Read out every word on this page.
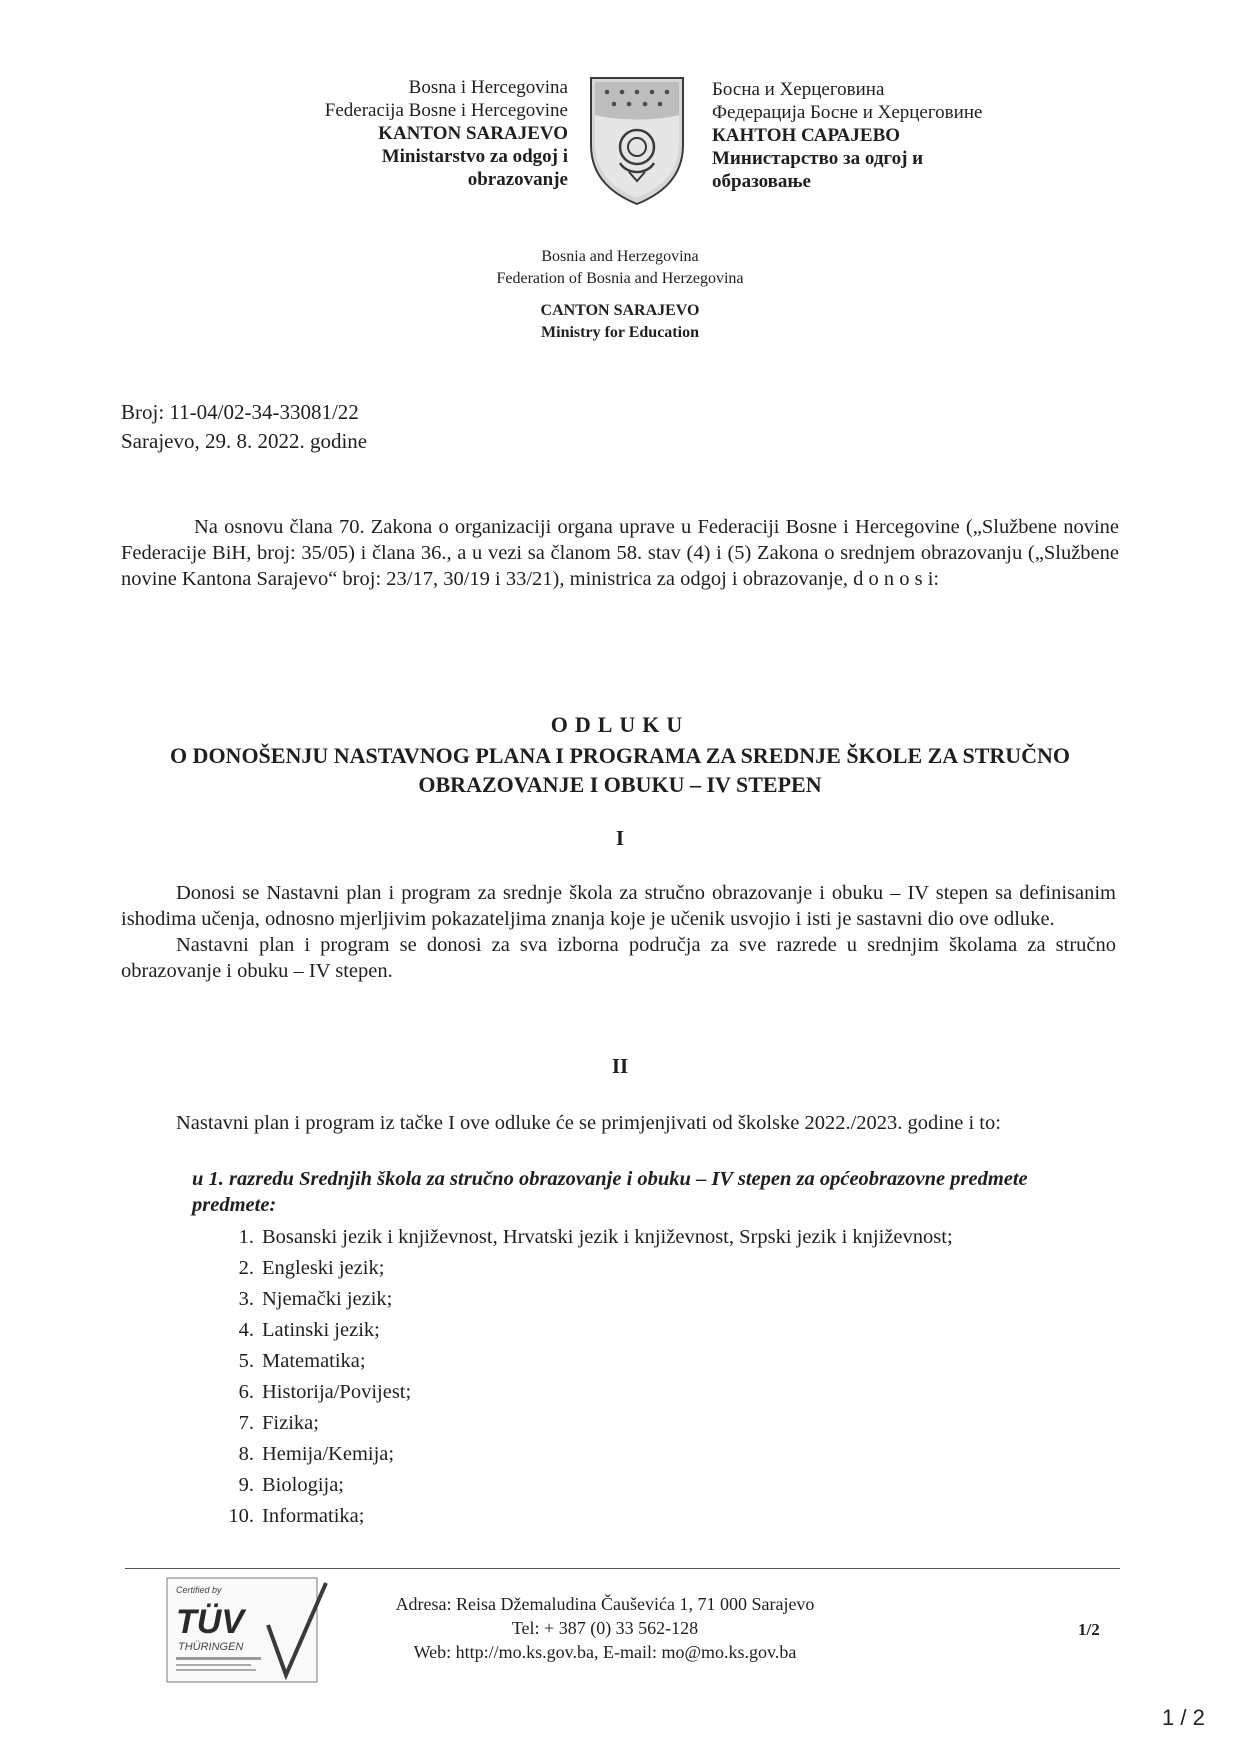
Bosna i Hercegovina
Federacija Bosne i Hercegovine
KANTON SARAJEVO
Ministarstvo za odgoj i
obrazovanje
Босна и Херцеговина
Федерација Босне и Херцеговине
КАНТОН САРАЈЕВО
Министарство за одгој и
образовање
Bosnia and Herzegovina
Federation of Bosnia and Herzegovina
CANTON SARAJEVO
Ministry for Education
Broj: 11-04/02-34-33081/22
Sarajevo, 29. 8. 2022. godine
Na osnovu člana 70. Zakona o organizaciji organa uprave u Federaciji Bosne i Hercegovine („Službene novine Federacije BiH, broj: 35/05) i člana 36., a u vezi sa članom 58. stav (4) i (5) Zakona o srednjem obrazovanju („Službene novine Kantona Sarajevo“ broj: 23/17, 30/19 i 33/21), ministrica za odgoj i obrazovanje, d o n o s i:
ODLUKU
O DONOŠENJU NASTAVNOG PLANA I PROGRAMA ZA SREDNJE ŠKOLE ZA STRUČNO OBRAZOVANJE I OBUKU – IV STEPEN
I
Donosi se Nastavni plan i program za srednje škola za stručno obrazovanje i obuku – IV stepen sa definisanim ishodima učenja, odnosno mjerljivim pokazateljima znanja koje je učenik usvojio i isti je sastavni dio ove odluke.
Nastavni plan i program se donosi za sva izborna područja za sve razrede u srednjim školama za stručno obrazovanje i obuku – IV stepen.
II
Nastavni plan i program iz tačke I ove odluke će se primjenjivati od školske 2022./2023. godine i to:
u 1. razredu Srednjih škola za stručno obrazovanje i obuku – IV stepen za općeobrazovne predmete predmete:
1. Bosanski jezik i književnost, Hrvatski jezik i književnost, Srpski jezik i književnost;
2. Engleski jezik;
3. Njemački jezik;
4. Latinski jezik;
5. Matematika;
6. Historija/Povijest;
7. Fizika;
8. Hemija/Kemija;
9. Biologija;
10. Informatika;
Certified by
TÜV
THÜRINGEN
Adresa: Reisa Džemaludina Čauševića 1, 71 000 Sarajevo
Tel: + 387 (0) 33 562-128
Web: http://mo.ks.gov.ba, E-mail: mo@mo.ks.gov.ba
1/2
1 / 2
